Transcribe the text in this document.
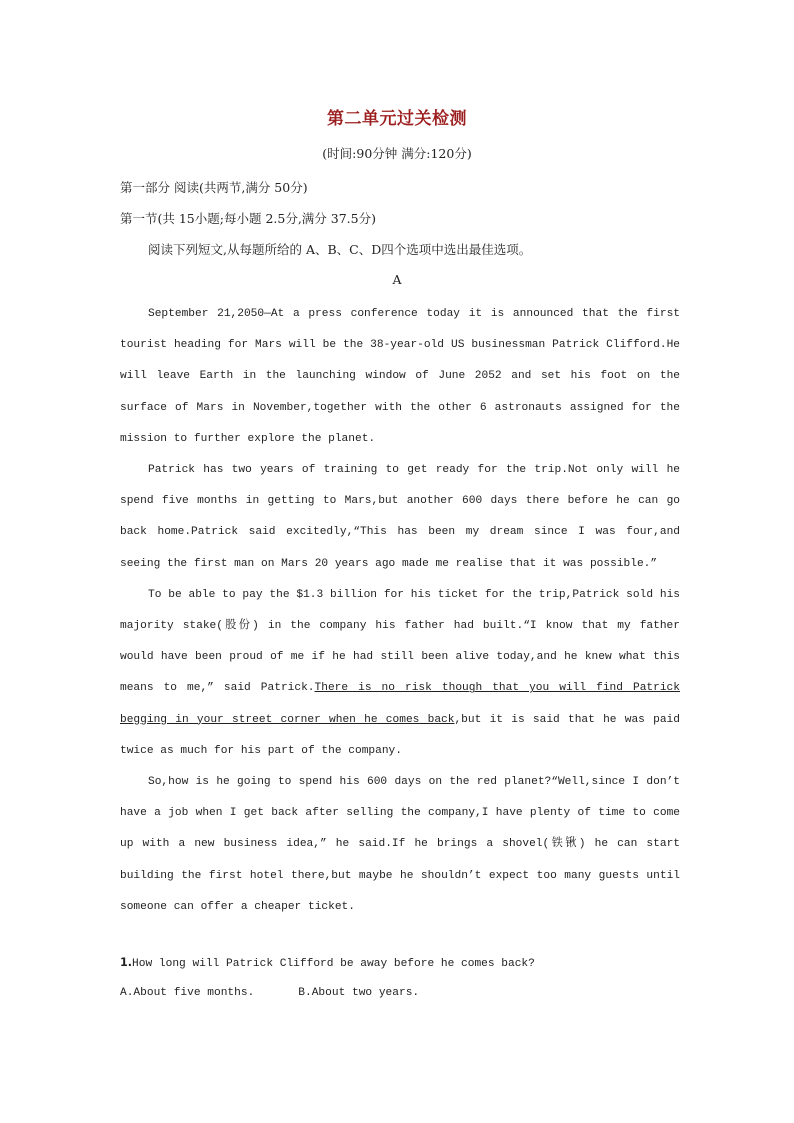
第二单元过关检测
(时间:90分钟 满分:120分)
第一部分 阅读(共两节,满分 50分)
第一节(共 15小题;每小题 2.5分,满分 37.5分)
阅读下列短文,从每题所给的 A、B、C、D四个选项中选出最佳选项。
A

September 21,2050—At a press conference today it is announced that the first tourist heading for Mars will be the 38-year-old US businessman Patrick Clifford.He will leave Earth in the launching window of June 2052 and set his foot on the surface of Mars in November,together with the other 6 astronauts assigned for the mission to further explore the planet.

Patrick has two years of training to get ready for the trip.Not only will he spend five months in getting to Mars,but another 600 days there before he can go back home.Patrick said excitedly,“This has been my dream since I was four,and seeing the first man on Mars 20 years ago made me realise that it was possible.”

To be able to pay the $1.3 billion for his ticket for the trip,Patrick sold his majority stake(股份) in the company his father had built.“I know that my father would have been proud of me if he had still been alive today,and he knew what this means to me,” said Patrick.There is no risk though that you will find Patrick begging in your street corner when he comes back,but it is said that he was paid twice as much for his part of the company.

So,how is he going to spend his 600 days on the red planet?“Well,since I don’t have a job when I get back after selling the company,I have plenty of time to come up with a new business idea,” he said.If he brings a shovel(铁锹) he can start building the first hotel there,but maybe he shouldn’t expect too many guests until someone can offer a cheaper ticket.

1.How long will Patrick Clifford be away before he comes back?
A.About five months.	B.About two years.
